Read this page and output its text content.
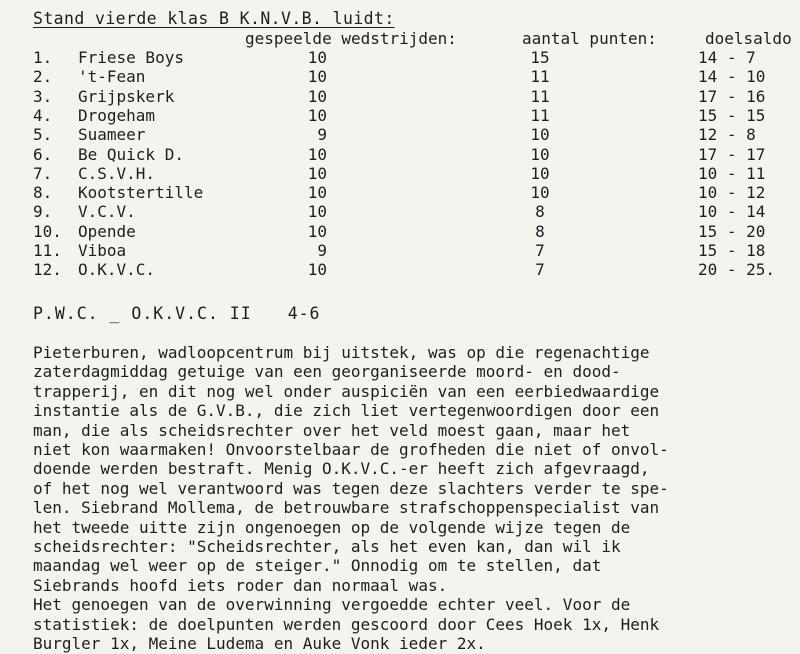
Stand vierde klas B K.N.V.B. luidt:
gespeelde wedstrijden:	aantal punten:	doelsaldo
1.	Friese Boys	10	15	14 - 7
2.	't-Fean	10	11	14 - 10
3.	Grijpskerk	10	11	17 - 16
4.	Drogeham	10	11	15 - 15
5.	Suameer	9	10	12 - 8
6.	Be Quick D.	10	10	17 - 17
7.	C.S.V.H.	10	10	10 - 11
8.	Kootstertille	10	10	10 - 12
9.	V.C.V.	10	8	10 - 14
10.	Opende	10	8	15 - 20
11.	Viboa	9	7	15 - 18
12.	O.K.V.C.	10	7	20 - 25.
P.W.C. _ O.K.V.C. II 4-6

Pieterburen, wadloopcentrum bij uitstek, was op die regenachtige

zaterdagmiddag getuige van een georganiseerde moord- en dood-

trapperij, en dit nog wel onder auspiciën van een eerbiedwaardige

instantie als de G.V.B., die zich liet vertegenwoordigen door een

man, die als scheidsrechter over het veld moest gaan, maar het

niet kon waarmaken! Onvoorstelbaar de grofheden die niet of onvol-

doende werden bestraft. Menig O.K.V.C.-er heeft zich afgevraagd,

of het nog wel verantwoord was tegen deze slachters verder te spe-

len. Siebrand Mollema, de betrouwbare strafschoppenspecialist van

het tweede uitte zijn ongenoegen op de volgende wijze tegen de

scheidsrechter: "Scheidsrechter, als het even kan, dan wil ik

maandag wel weer op de steiger." Onnodig om te stellen, dat

Siebrands hoofd iets roder dan normaal was.

Het genoegen van de overwinning vergoedde echter veel. Voor de

statistiek: de doelpunten werden gescoord door Cees Hoek 1x, Henk

Burgler 1x, Meine Ludema en Auke Vonk ieder 2x.
